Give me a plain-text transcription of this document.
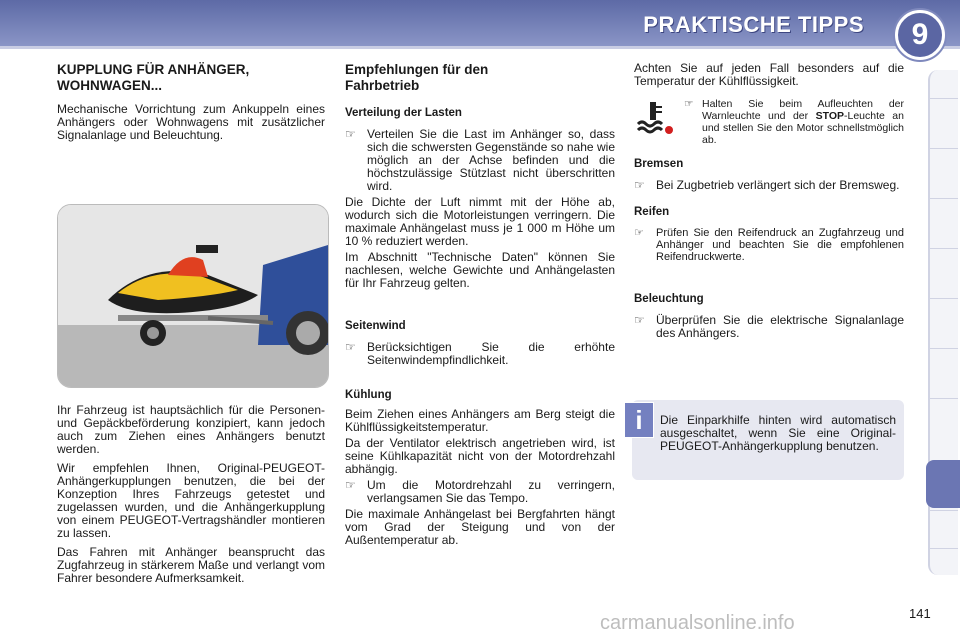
PRAKTISCHE TIPPS	9
KUPPLUNG FÜR ANHÄNGER, WOHNWAGEN...

Mechanische Vorrichtung zum Ankuppeln eines Anhängers oder Wohnwagens mit zusätzlicher Signalanlage und Beleuchtung.

Ihr Fahrzeug ist hauptsächlich für die Personen- und Gepäckbeförderung konzipiert, kann jedoch auch zum Ziehen eines Anhängers benutzt werden.

Wir empfehlen Ihnen, Original-PEUGEOT-Anhängerkupplungen benutzen, die bei der Konzeption Ihres Fahrzeugs getestet und zugelassen wurden, und die Anhängerkupplung von einem PEUGEOT-Vertragshändler montieren zu lassen.

Das Fahren mit Anhänger beansprucht das Zugfahrzeug in stärkerem Maße und verlangt vom Fahrer besondere Aufmerksamkeit.

Empfehlungen für den Fahrbetrieb
Verteilung der Lasten
☞ Verteilen Sie die Last im Anhänger so, dass sich die schwersten Gegenstände so nahe wie möglich an der Achse befinden und die höchstzulässige Stützlast nicht überschritten wird.

Die Dichte der Luft nimmt mit der Höhe ab, wodurch sich die Motorleistungen verringern. Die maximale Anhängelast muss je 1 000 m Höhe um 10 % reduziert werden.

Im Abschnitt "Technische Daten" können Sie nachlesen, welche Gewichte und Anhängelasten für Ihr Fahrzeug gelten.

Seitenwind
☞ Berücksichtigen Sie die erhöhte Seitenwindempfindlichkeit.

Kühlung

Beim Ziehen eines Anhängers am Berg steigt die Kühlflüssigkeitstemperatur.

Da der Ventilator elektrisch angetrieben wird, ist seine Kühlkapazität nicht von der Motordrehzahl abhängig.

☞ Um die Motordrehzahl zu verringern, verlangsamen Sie das Tempo.

Die maximale Anhängelast bei Bergfahrten hängt vom Grad der Steigung und von der Außentemperatur ab.

Achten Sie auf jeden Fall besonders auf die Temperatur der Kühlflüssigkeit.

☞ Halten Sie beim Aufleuchten der Warnleuchte und der STOP-Leuchte an und stellen Sie den Motor schnellstmöglich ab.

Bremsen
☞ Bei Zugbetrieb verlängert sich der Bremsweg.

Reifen
☞	Prüfen Sie den Reifendruck an Zugfahrzeug und Anhänger und beachten Sie die empfohlenen Reifendruckwerte.

Beleuchtung
☞ Überprüfen Sie die elektrische Signalanlage des Anhängers.

Die Einparkhilfe hinten wird automatisch ausgeschaltet, wenn Sie eine Original-PEUGEOT-Anhängerkupplung benutzen.

i
carmanualsonline.info	141
